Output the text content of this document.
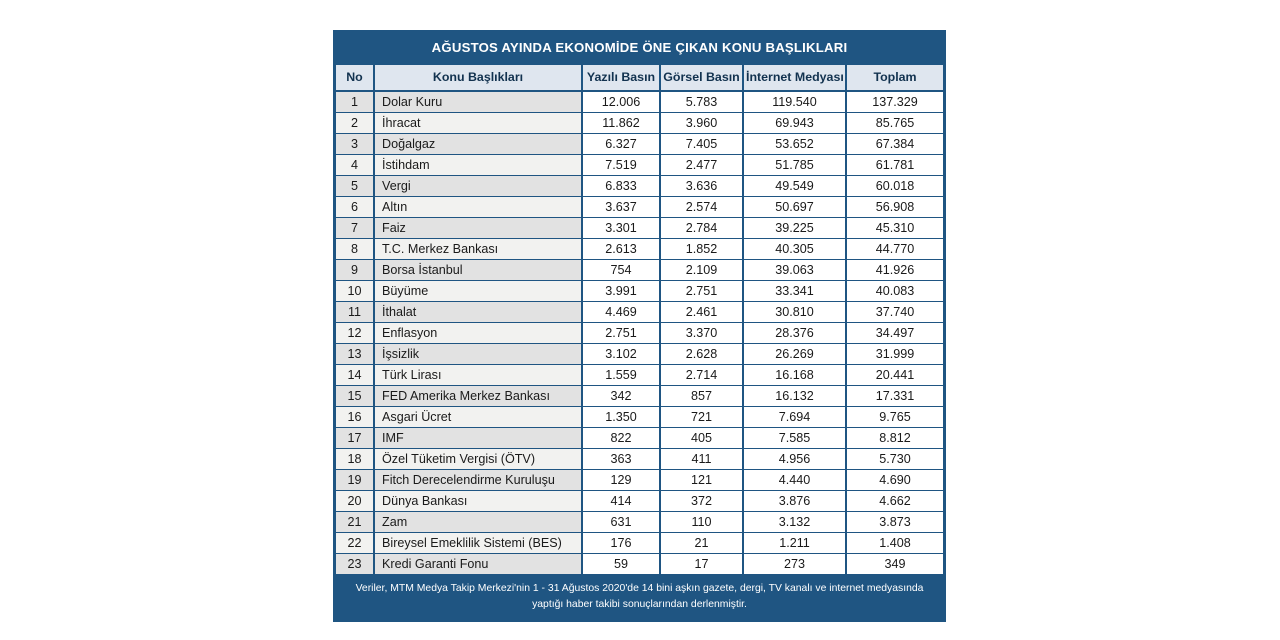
AĞUSTOS AYINDA EKONOMİDE ÖNE ÇIKAN KONU BAŞLIKLARI					
No	Konu Başlıkları	Yazılı Basın	Görsel Basın	İnternet Medyası	Toplam
1	Dolar Kuru	12.006	5.783	119.540	137.329
2	İhracat	11.862	3.960	69.943	85.765
3	Doğalgaz	6.327	7.405	53.652	67.384
4	İstihdam	7.519	2.477	51.785	61.781
5	Vergi	6.833	3.636	49.549	60.018
6	Altın	3.637	2.574	50.697	56.908
7	Faiz	3.301	2.784	39.225	45.310
8	T.C. Merkez Bankası	2.613	1.852	40.305	44.770
9	Borsa İstanbul	754	2.109	39.063	41.926
10	Büyüme	3.991	2.751	33.341	40.083
11	İthalat	4.469	2.461	30.810	37.740
12	Enflasyon	2.751	3.370	28.376	34.497
13	İşsizlik	3.102	2.628	26.269	31.999
14	Türk Lirası	1.559	2.714	16.168	20.441
15	FED Amerika Merkez Bankası	342	857	16.132	17.331
16	Asgari Ücret	1.350	721	7.694	9.765
17	IMF	822	405	7.585	8.812
18	Özel Tüketim Vergisi (ÖTV)	363	411	4.956	5.730
19	Fitch Derecelendirme Kuruluşu	129	121	4.440	4.690
20	Dünya Bankası	414	372	3.876	4.662
21	Zam	631	110	3.132	3.873
22	Bireysel Emeklilik Sistemi (BES)	176	21	1.211	1.408
23	Kredi Garanti Fonu	59	17	273	349
Veriler, MTM Medya Takip Merkezi'nin 1 - 31 Ağustos 2020'de 14 bini aşkın gazete, dergi, TV kanalı ve internet medyasında yaptığı haber takibi sonuçlarından derlenmiştir.					
